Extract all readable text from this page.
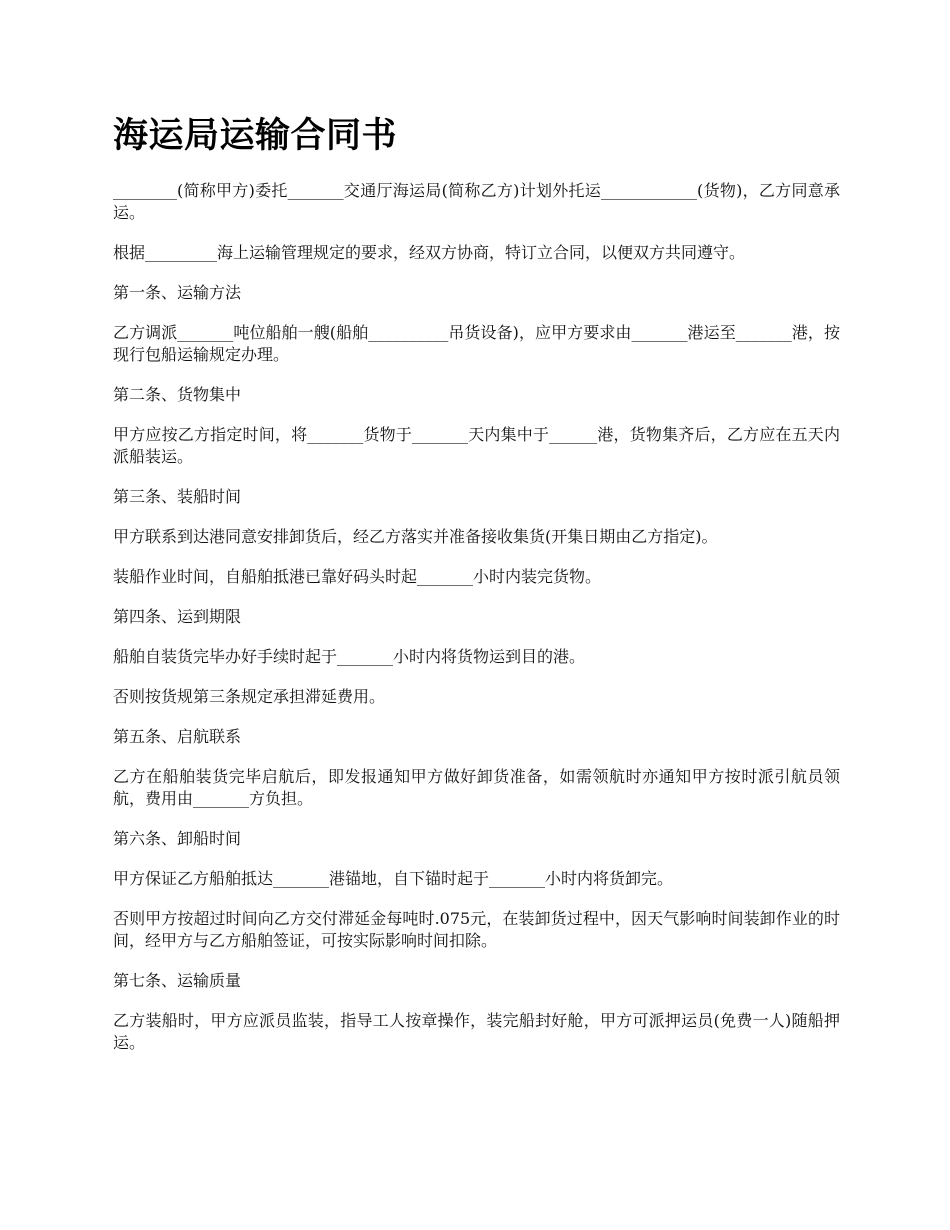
海运局运输合同书

________(简称甲方)委托_______交通厅海运局(简称乙方)计划外托运____________(货物)，乙方同意承运。

根据_________海上运输管理规定的要求，经双方协商，特订立合同，以便双方共同遵守。

第一条、运输方法

乙方调派_______吨位船舶一艘(船舶__________吊货设备)，应甲方要求由_______港运至_______港，按现行包船运输规定办理。

第二条、货物集中

甲方应按乙方指定时间，将_______货物于_______天内集中于______港，货物集齐后，乙方应在五天内派船装运。

第三条、装船时间

甲方联系到达港同意安排卸货后，经乙方落实并准备接收集货(开集日期由乙方指定)。

装船作业时间，自船舶抵港已靠好码头时起_______小时内装完货物。

第四条、运到期限

船舶自装货完毕办好手续时起于_______小时内将货物运到目的港。

否则按货规第三条规定承担滞延费用。

第五条、启航联系

乙方在船舶装货完毕启航后，即发报通知甲方做好卸货准备，如需领航时亦通知甲方按时派引航员领航，费用由_______方负担。

第六条、卸船时间

甲方保证乙方船舶抵达_______港锚地，自下锚时起于_______小时内将货卸完。

否则甲方按超过时间向乙方交付滞延金每吨时.075元，在装卸货过程中，因天气影响时间装卸作业的时间，经甲方与乙方船舶签证，可按实际影响时间扣除。

第七条、运输质量

乙方装船时，甲方应派员监装，指导工人按章操作，装完船封好舱，甲方可派押运员(免费一人)随船押运。
